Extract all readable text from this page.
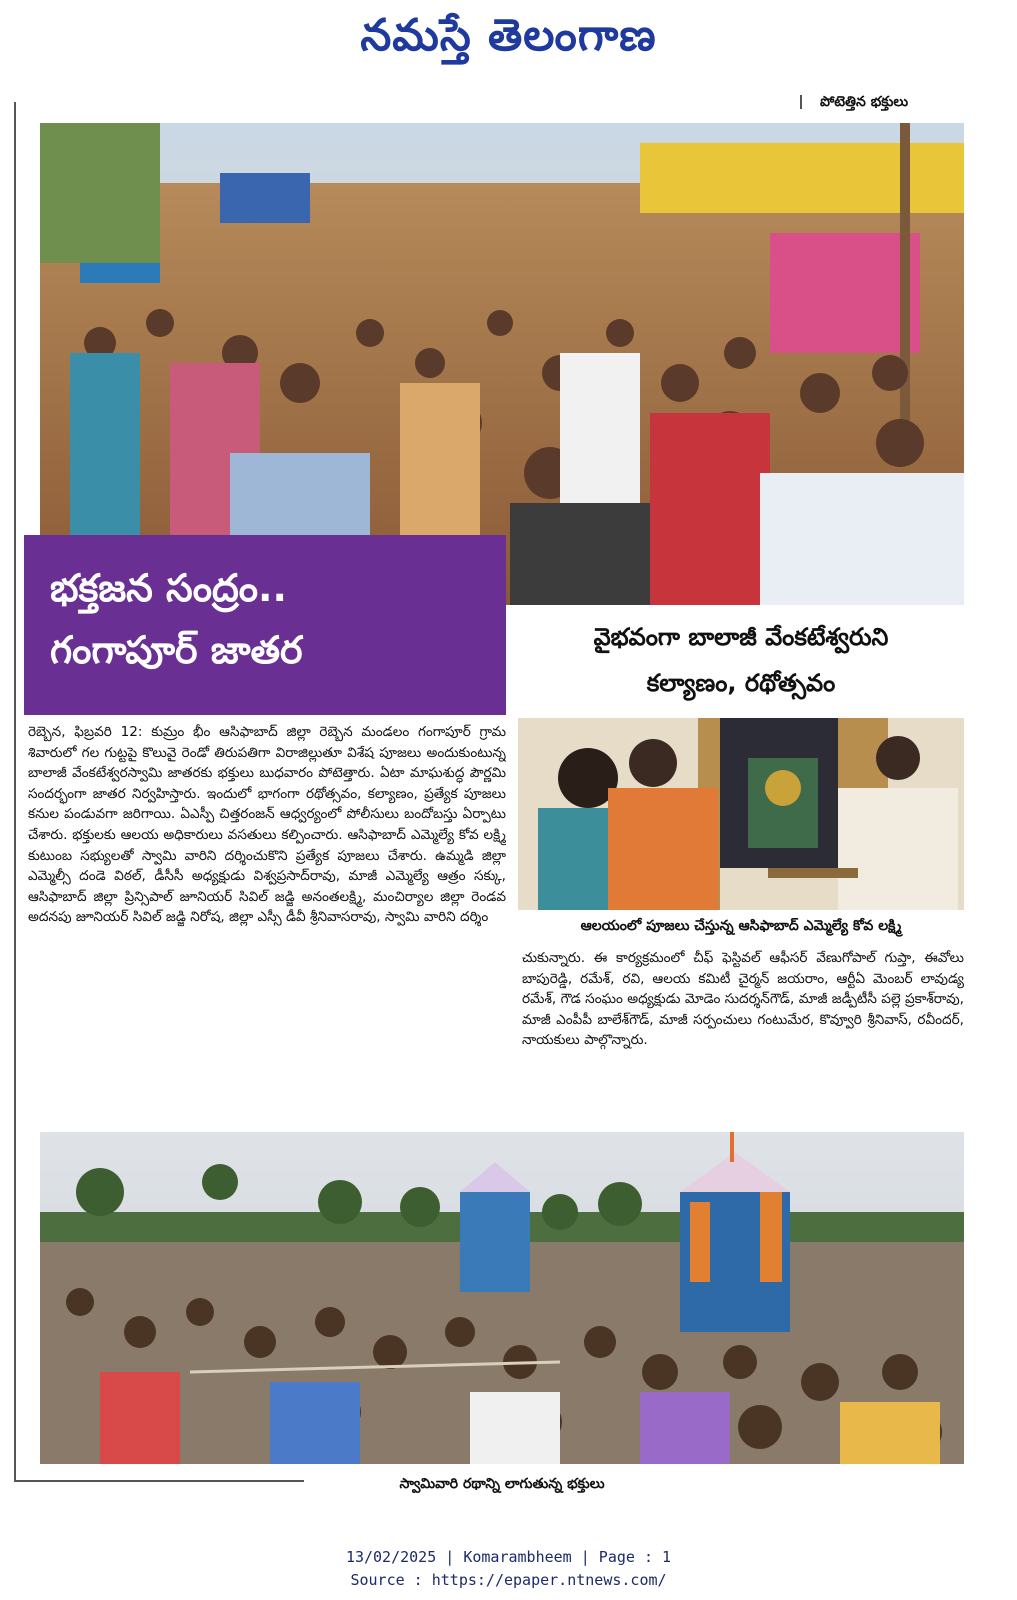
నమస్తే తెలంగాణ
పోటెత్తిన భక్తులు
భక్తజన సంద్రం..
గంగాపూర్ జాతర	వైభవంగా బాలాజీ వేంకటేశ్వరుని
కల్యాణం, రథోత్సవం
ఆలయంలో పూజలు చేస్తున్న ఆసిఫాబాద్ ఎమ్మెల్యే కోవ లక్ష్మి
రెబ్బెన, ఫిబ్రవరి 12: కుమ్రం భీం ఆసిఫాబాద్ జిల్లా రెబ్బెన మండలం గంగాపూర్ గ్రామ శివారులో గల గుట్టపై కొలువై రెండో తిరుపతిగా విరాజిల్లుతూ విశేష పూజలు అందుకుంటున్న బాలాజీ వేంకటేశ్వరస్వామి జాతరకు భక్తులు బుధవారం పోటెత్తారు. ఏటా మాఘశుద్ధ పౌర్ణమి సందర్భంగా జాతర నిర్వహిస్తారు. ఇందులో భాగంగా రథోత్సవం, కల్యాణం, ప్రత్యేక పూజలు కనుల పండువగా జరిగాయి. ఏఎస్పీ చిత్తరంజన్ ఆధ్వర్యంలో పోలీసులు బందోబస్తు ఏర్పాటు చేశారు. భక్తులకు ఆలయ అధికారులు వసతులు కల్పించారు. ఆసిఫాబాద్ ఎమ్మెల్యే కోవ లక్ష్మి కుటుంబ సభ్యులతో స్వామి వారిని దర్శించుకొని ప్రత్యేక పూజలు చేశారు. ఉమ్మడి జిల్లా ఎమ్మెల్సీ దండె విఠల్, డీసీసీ అధ్యక్షుడు విశ్వప్రసాద్‌రావు, మాజీ ఎమ్మెల్యే ఆత్రం సక్కు, ఆసిఫాబాద్ జిల్లా ప్రిన్సిపాల్ జూనియర్ సివిల్ జడ్జి అనంతలక్ష్మి, మంచిర్యాల జిల్లా రెండవ అదనపు జూనియర్ సివిల్ జడ్జి నిరోష, జిల్లా ఎస్సీ డీవీ శ్రీనివాసరావు, స్వామి వారిని దర్శిం
చుకున్నారు. ఈ కార్యక్రమంలో చీఫ్ ఫెస్టివల్ ఆఫీసర్ వేణుగోపాల్ గుప్తా, ఈవోలు బాపురెడ్డి, రమేశ్, రవి, ఆలయ కమిటీ చైర్మన్ జయరాం, ఆర్టీఏ మెంబర్ లావుడ్య రమేశ్, గౌడ సంఘం అధ్యక్షుడు మోడెం సుదర్శన్‌గౌడ్, మాజీ జడ్పీటీసీ పల్లె ప్రకాశ్‌రావు, మాజీ ఎంపీపీ బాలేశ్‌గౌడ్, మాజీ సర్పంచులు గంటుమేర, కొవ్వూరి శ్రీనివాస్, రవీందర్, నాయకులు పాల్గొన్నారు.
స్వామివారి రథాన్ని లాగుతున్న భక్తులు
13/02/2025 | Komarambheem | Page : 1
Source : https://epaper.ntnews.com/
